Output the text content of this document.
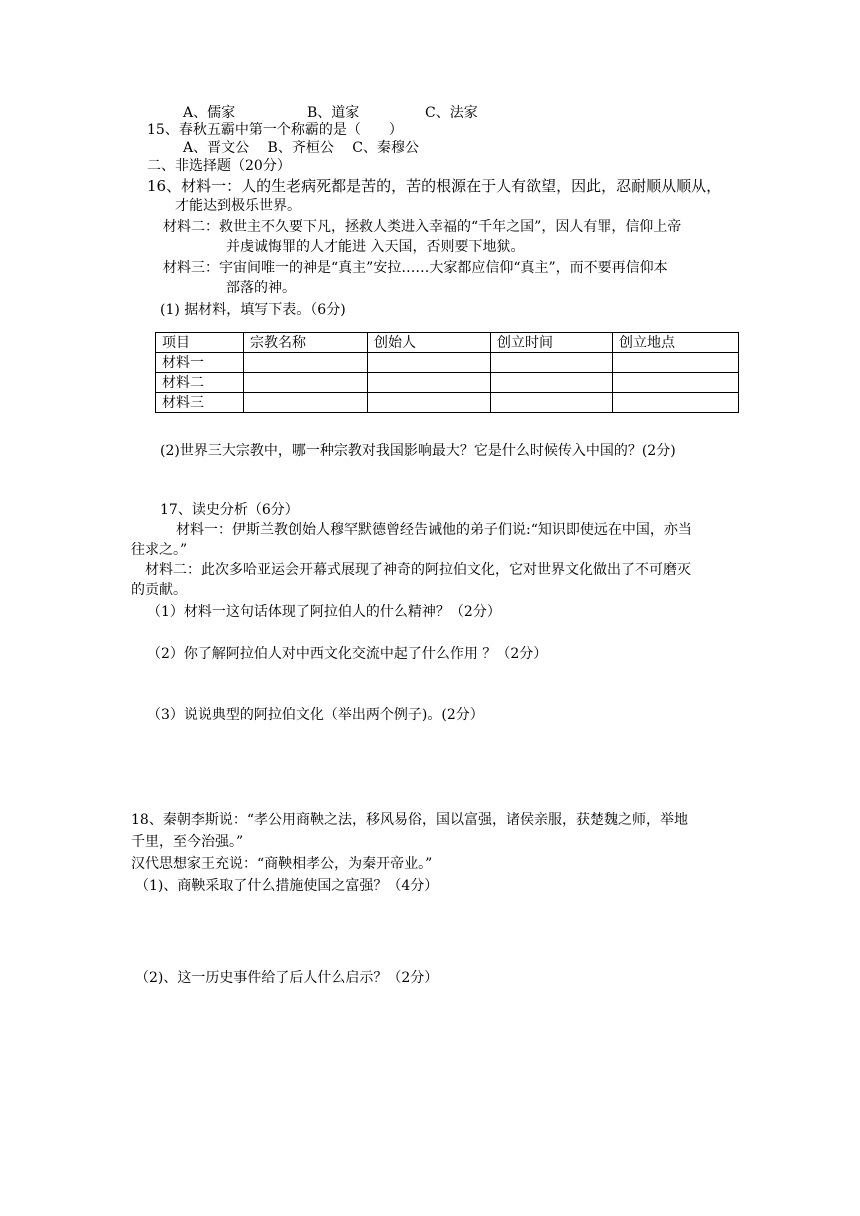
A、儒家	B、道家	C、法家
15、春秋五霸中第一个称霸的是（　　）
A、晋文公　 B、齐桓公　 C、秦穆公
二、非选择题（20分）
16、材料一：人的生老病死都是苦的，苦的根源在于人有欲望，因此，忍耐顺从顺从，
才能达到极乐世界。
材料二：救世主不久要下凡，拯救人类进入幸福的“千年之国”，因人有罪，信仰上帝
并虔诚悔罪的人才能进 入天国，否则要下地狱。
材料三：宇宙间唯一的神是“真主”安拉……大家都应信仰“真主”，而不要再信仰本
部落的神。
(1) 据材料，填写下表。（6分)
项目	宗教名称	创始人	创立时间	创立地点
材料一				
材料二				
材料三				
(2)世界三大宗教中，哪一种宗教对我国影响最大？它是什么时候传入中国的？(2分)
17、读史分析（6分）
材料一：伊斯兰教创始人穆罕默德曾经告诫他的弟子们说:“知识即使远在中国，亦当
往求之。”
材料二：此次多哈亚运会开幕式展现了神奇的阿拉伯文化，它对世界文化做出了不可磨灭
的贡献。
（1）材料一这句话体现了阿拉伯人的什么精神？（2分）
（2）你了解阿拉伯人对中西文化交流中起了什么作用 ？（2分）
（3）说说典型的阿拉伯文化（举出两个例子)。(2分）
18、秦朝李斯说：“孝公用商鞅之法，移风易俗，国以富强，诸侯亲服，获楚魏之师，举地
千里，至今治强。”
汉代思想家王充说：“商鞅相孝公，为秦开帝业。”
（1)、商鞅采取了什么措施使国之富强？（4分）
（2)、这一历史事件给了后人什么启示？（2分）
